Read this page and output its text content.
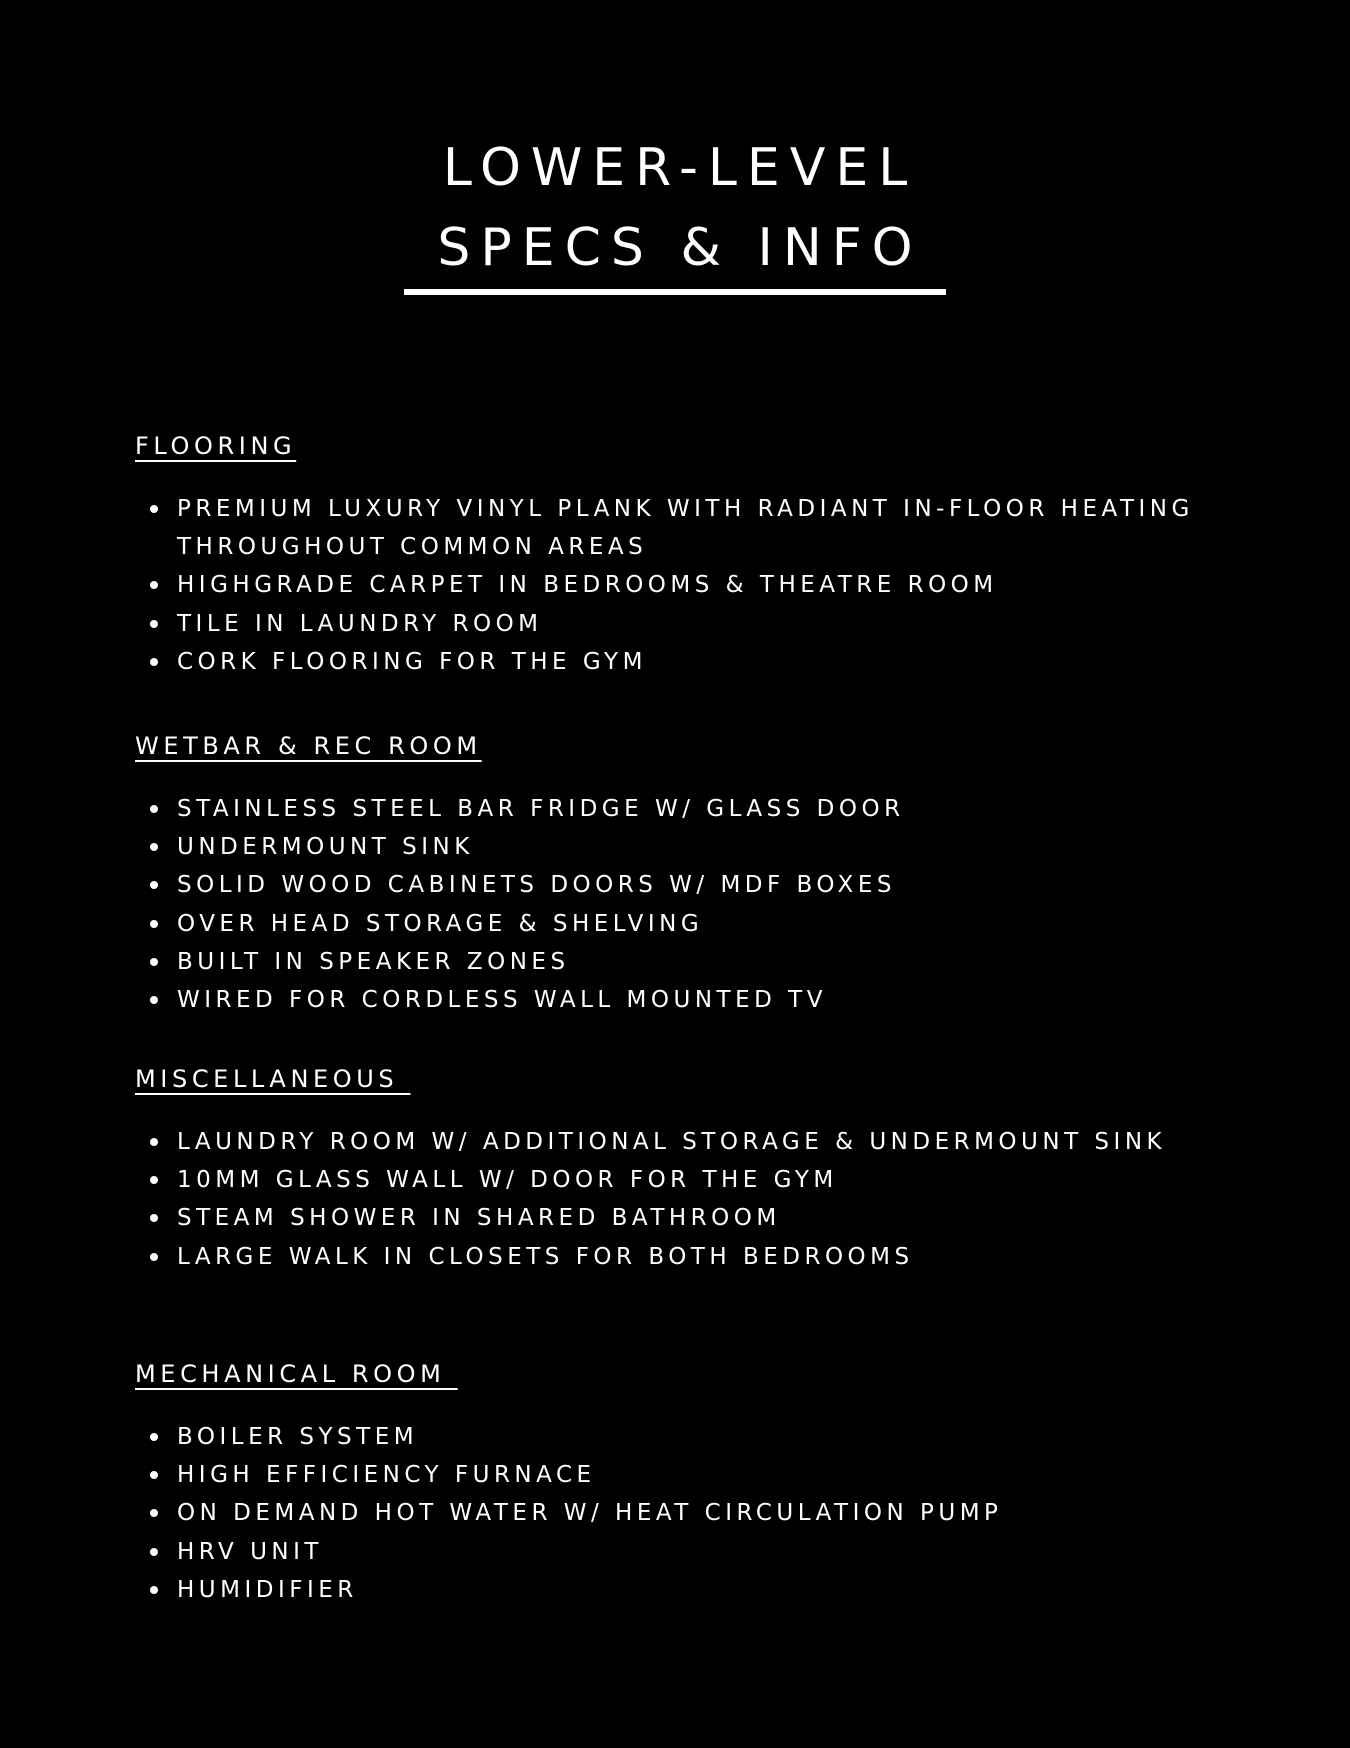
LOWER-LEVEL
SPECS & INFO
FLOORING
PREMIUM LUXURY VINYL PLANK WITH RADIANT IN-FLOOR HEATING THROUGHOUT COMMON AREAS
HIGHGRADE CARPET IN BEDROOMS & THEATRE ROOM
TILE IN LAUNDRY ROOM
CORK FLOORING FOR THE GYM
WETBAR & REC ROOM
STAINLESS STEEL BAR FRIDGE W/ GLASS DOOR
UNDERMOUNT SINK
SOLID WOOD CABINETS DOORS W/ MDF BOXES
OVER HEAD STORAGE & SHELVING
BUILT IN SPEAKER ZONES
WIRED FOR CORDLESS WALL MOUNTED TV
MISCELLANEOUS
LAUNDRY ROOM W/ ADDITIONAL STORAGE & UNDERMOUNT SINK
10MM GLASS WALL W/ DOOR FOR THE GYM
STEAM SHOWER IN SHARED BATHROOM
LARGE WALK IN CLOSETS FOR BOTH BEDROOMS
MECHANICAL ROOM
BOILER SYSTEM
HIGH EFFICIENCY FURNACE
ON DEMAND HOT WATER W/ HEAT CIRCULATION PUMP
HRV UNIT
HUMIDIFIER
